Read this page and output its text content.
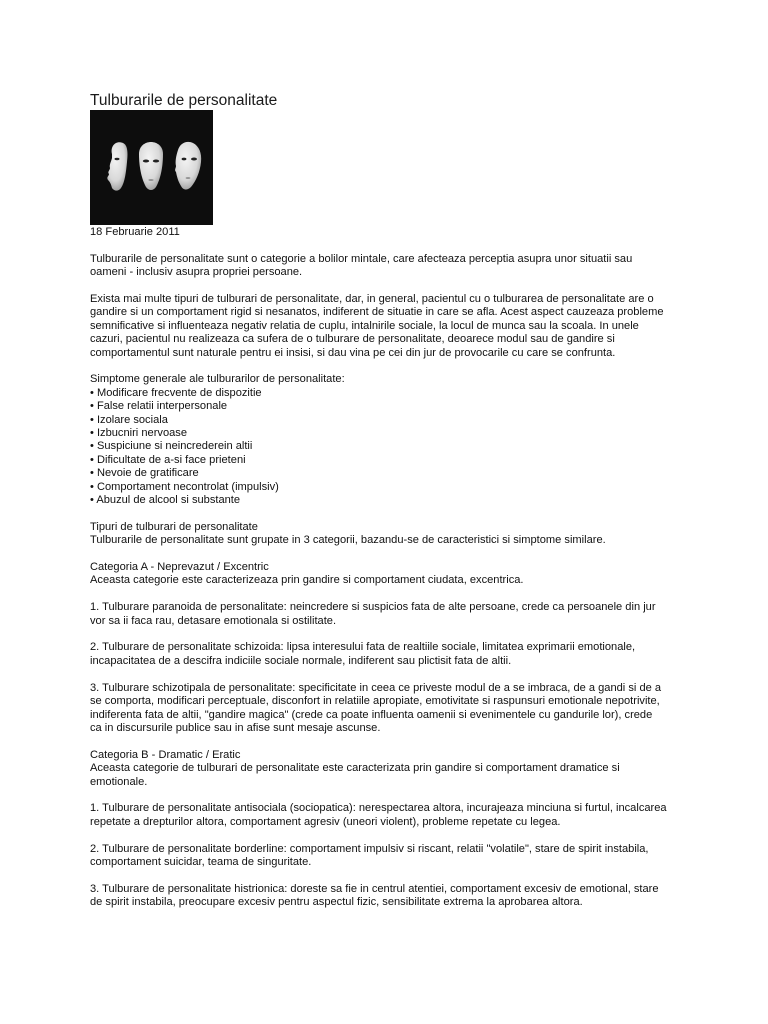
Tulburarile de personalitate

18 Februarie 2011

Tulburarile de personalitate sunt o categorie a bolilor mintale, care afecteaza perceptia asupra unor situatii sau
oameni - inclusiv asupra propriei persoane.

Exista mai multe tipuri de tulburari de personalitate, dar, in general, pacientul cu o tulburarea de personalitate are o
gandire si un comportament rigid si nesanatos, indiferent de situatie in care se afla. Acest aspect cauzeaza probleme
semnificative si influenteaza negativ relatia de cuplu, intalnirile sociale, la locul de munca sau la scoala. In unele
cazuri, pacientul nu realizeaza ca sufera de o tulburare de personalitate, deoarece modul sau de gandire si
comportamentul sunt naturale pentru ei insisi, si dau vina pe cei din jur de provocarile cu care se confrunta.

Simptome generale ale tulburarilor de personalitate:
• Modificare frecvente de dispozitie
• False relatii interpersonale
• Izolare sociala
• Izbucniri nervoase
• Suspiciune si neincrederein altii
• Dificultate de a-si face prieteni
• Nevoie de gratificare
• Comportament necontrolat (impulsiv)
• Abuzul de alcool si substante

Tipuri de tulburari de personalitate
Tulburarile de personalitate sunt grupate in 3 categorii, bazandu-se de caracteristici si simptome similare.

Categoria A - Neprevazut / Excentric
Aceasta categorie este caracterizeaza prin gandire si comportament ciudata, excentrica.

1. Tulburare paranoida de personalitate: neincredere si suspicios fata de alte persoane, crede ca persoanele din jur
vor sa ii faca rau, detasare emotionala si ostilitate.

2. Tulburare de personalitate schizoida: lipsa interesului fata de realtiile sociale, limitatea exprimarii emotionale,
incapacitatea de a descifra indiciile sociale normale, indiferent sau plictisit fata de altii.

3. Tulburare schizotipala de personalitate: specificitate in ceea ce priveste modul de a se imbraca, de a gandi si de a
se comporta, modificari perceptuale, disconfort in relatiile apropiate, emotivitate si raspunsuri emotionale nepotrivite,
indiferenta fata de altii, "gandire magica" (crede ca poate influenta oamenii si evenimentele cu gandurile lor), crede
ca in discursurile publice sau in afise sunt mesaje ascunse.

Categoria B - Dramatic / Eratic
Aceasta categorie de tulburari de personalitate este caracterizata prin gandire si comportament dramatice si
emotionale.

1. Tulburare de personalitate antisociala (sociopatica): nerespectarea altora, incurajeaza minciuna si furtul, incalcarea
repetate a drepturilor altora, comportament agresiv (uneori violent), probleme repetate cu legea.

2. Tulburare de personalitate borderline: comportament impulsiv si riscant, relatii "volatile", stare de spirit instabila,
comportament suicidar, teama de singuritate.

3. Tulburare de personalitate histrionica: doreste sa fie in centrul atentiei, comportament excesiv de emotional, stare
de spirit instabila, preocupare excesiv pentru aspectul fizic, sensibilitate extrema la aprobarea altora.
